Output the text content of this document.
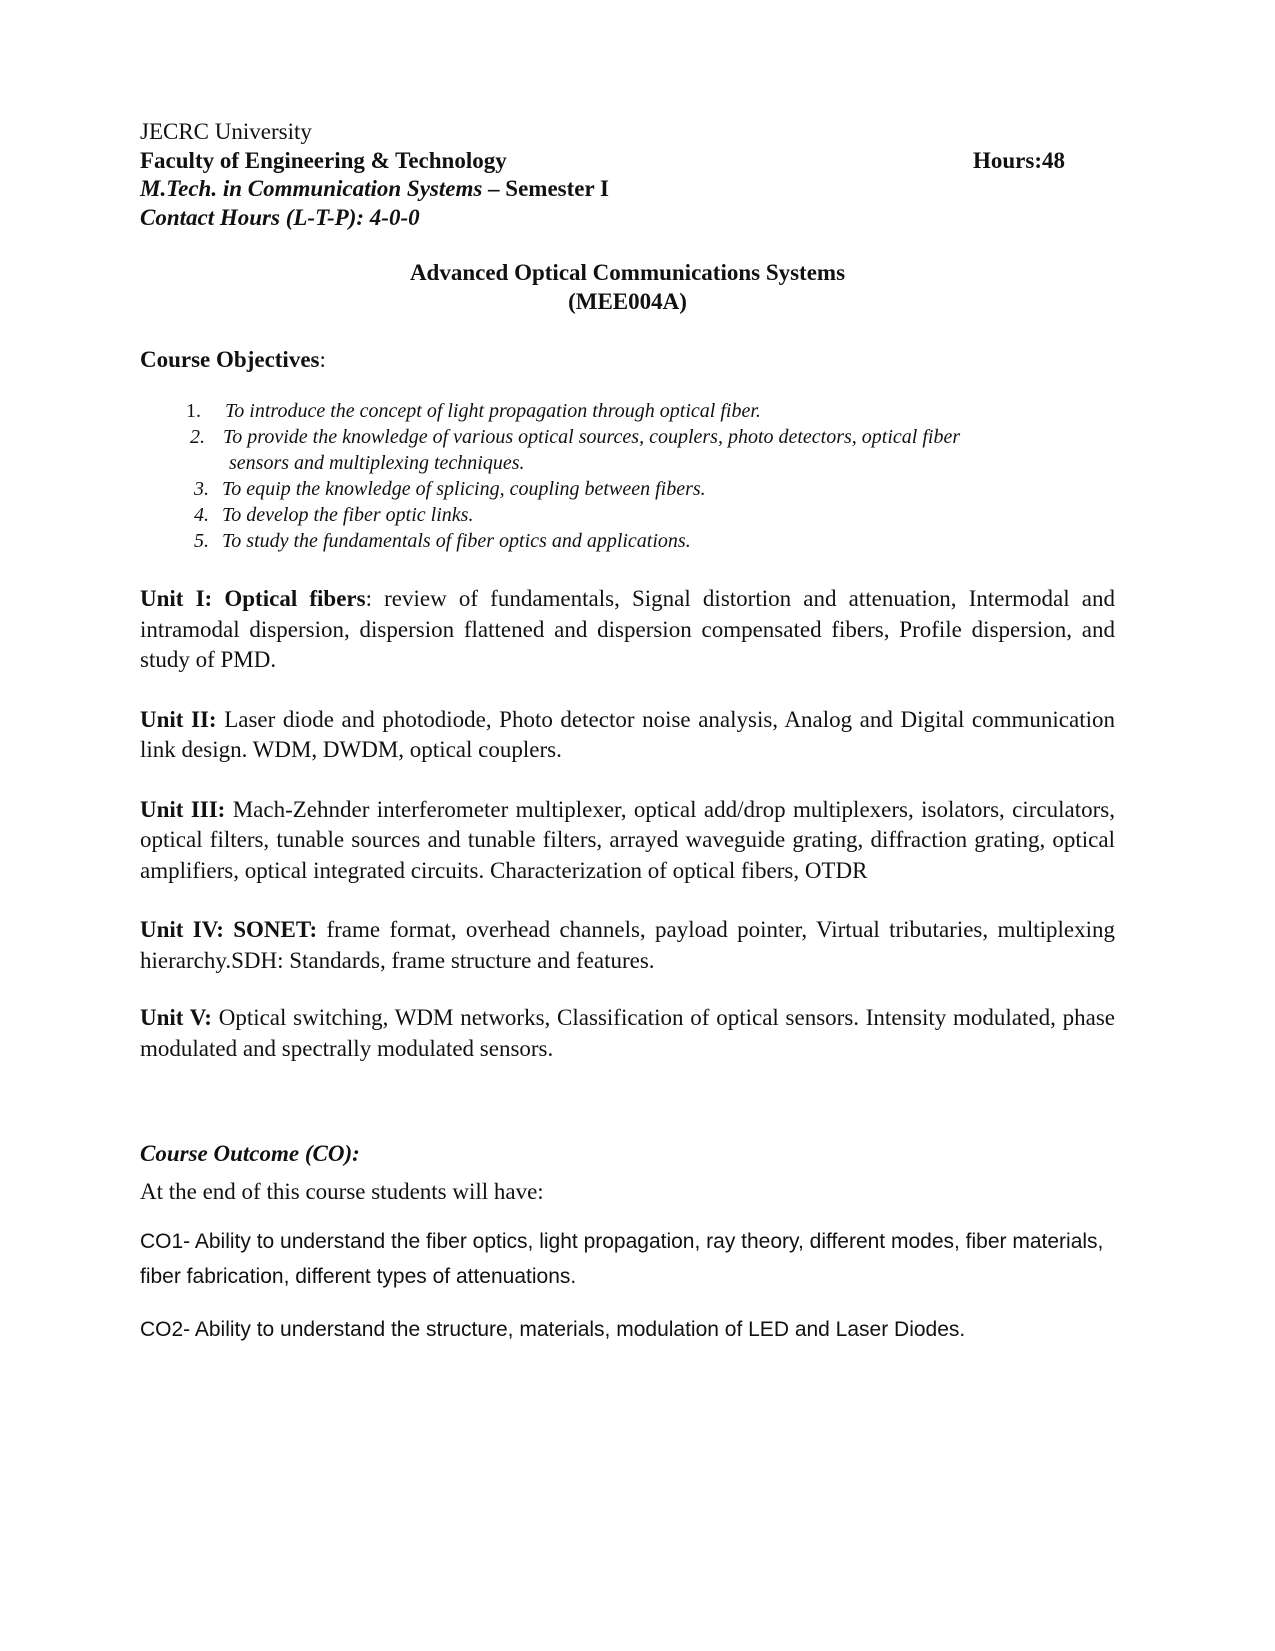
JECRC University

Faculty of Engineering & Technology	Hours:48

M.Tech. in Communication Systems – Semester I

Contact Hours (L-T-P): 4-0-0

Advanced Optical Communications Systems
(MEE004A)
Course Objectives:
1.	To introduce the concept of light propagation through optical fiber.
2. To provide the knowledge of various optical sources, couplers, photo detectors, optical fiber sensors and multiplexing techniques.
3. To equip the knowledge of splicing, coupling between fibers.
4. To develop the fiber optic links.
5. To study the fundamentals of fiber optics and applications.

Unit I: Optical fibers: review of fundamentals, Signal distortion and attenuation, Intermodal and intramodal dispersion, dispersion flattened and dispersion compensated fibers, Profile dispersion, and study of PMD.

Unit II: Laser diode and photodiode, Photo detector noise analysis, Analog and Digital communication link design. WDM, DWDM, optical couplers.

Unit III: Mach-Zehnder interferometer multiplexer, optical add/drop multiplexers, isolators, circulators, optical filters, tunable sources and tunable filters, arrayed waveguide grating, diffraction grating, optical amplifiers, optical integrated circuits. Characterization of optical fibers, OTDR

Unit IV: SONET: frame format, overhead channels, payload pointer, Virtual tributaries, multiplexing hierarchy.SDH: Standards, frame structure and features.

Unit V: Optical switching, WDM networks, Classification of optical sensors. Intensity modulated, phase modulated and spectrally modulated sensors.

Course Outcome (CO):
At the end of this course students will have:
CO1- Ability to understand the fiber optics, light propagation, ray theory, different modes, fiber materials, fiber fabrication, different types of attenuations.
CO2- Ability to understand the structure, materials, modulation of LED and Laser Diodes.
